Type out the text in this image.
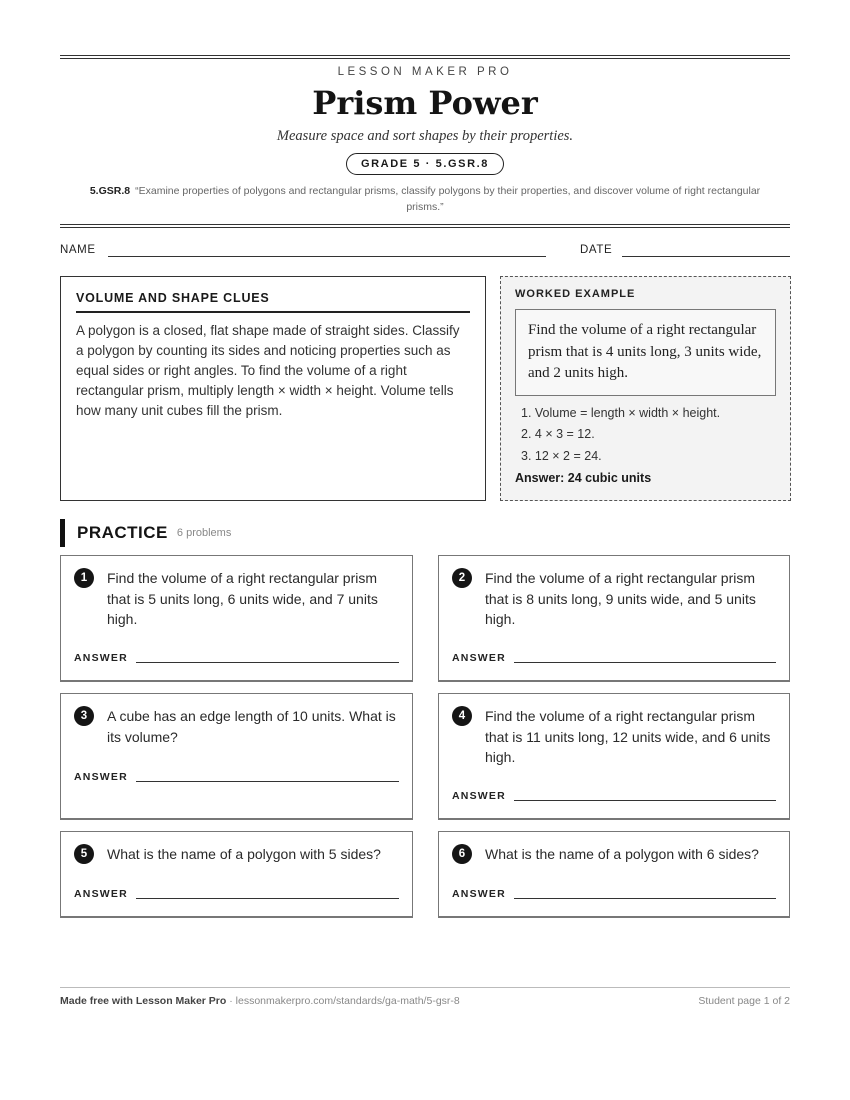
LESSON MAKER PRO
Prism Power
Measure space and sort shapes by their properties.
GRADE 5 · 5.GSR.8
5.GSR.8 “Examine properties of polygons and rectangular prisms, classify polygons by their properties, and discover volume of right rectangular prisms.”
NAME	DATE
VOLUME AND SHAPE CLUES
A polygon is a closed, flat shape made of straight sides. Classify a polygon by counting its sides and noticing properties such as equal sides or right angles. To find the volume of a right rectangular prism, multiply length × width × height. Volume tells how many unit cubes fill the prism.
WORKED EXAMPLE
Find the volume of a right rectangular prism that is 4 units long, 3 units wide, and 2 units high.
1. Volume = length × width × height.
2. 4 × 3 = 12.
3. 12 × 2 = 24.
Answer: 24 cubic units
PRACTICE 6 problems
1	Find the volume of a right rectangular prism that is 5 units long, 6 units wide, and 7 units high.
ANSWER
2	Find the volume of a right rectangular prism that is 8 units long, 9 units wide, and 5 units high.
ANSWER
3	A cube has an edge length of 10 units. What is its volume?
ANSWER
4	Find the volume of a right rectangular prism that is 11 units long, 12 units wide, and 6 units high.
ANSWER
5	What is the name of a polygon with 5 sides?
ANSWER
6	What is the name of a polygon with 6 sides?
ANSWER
Made free with Lesson Maker Pro · lessonmakerpro.com/standards/ga-math/5-gsr-8	Student page 1 of 2
